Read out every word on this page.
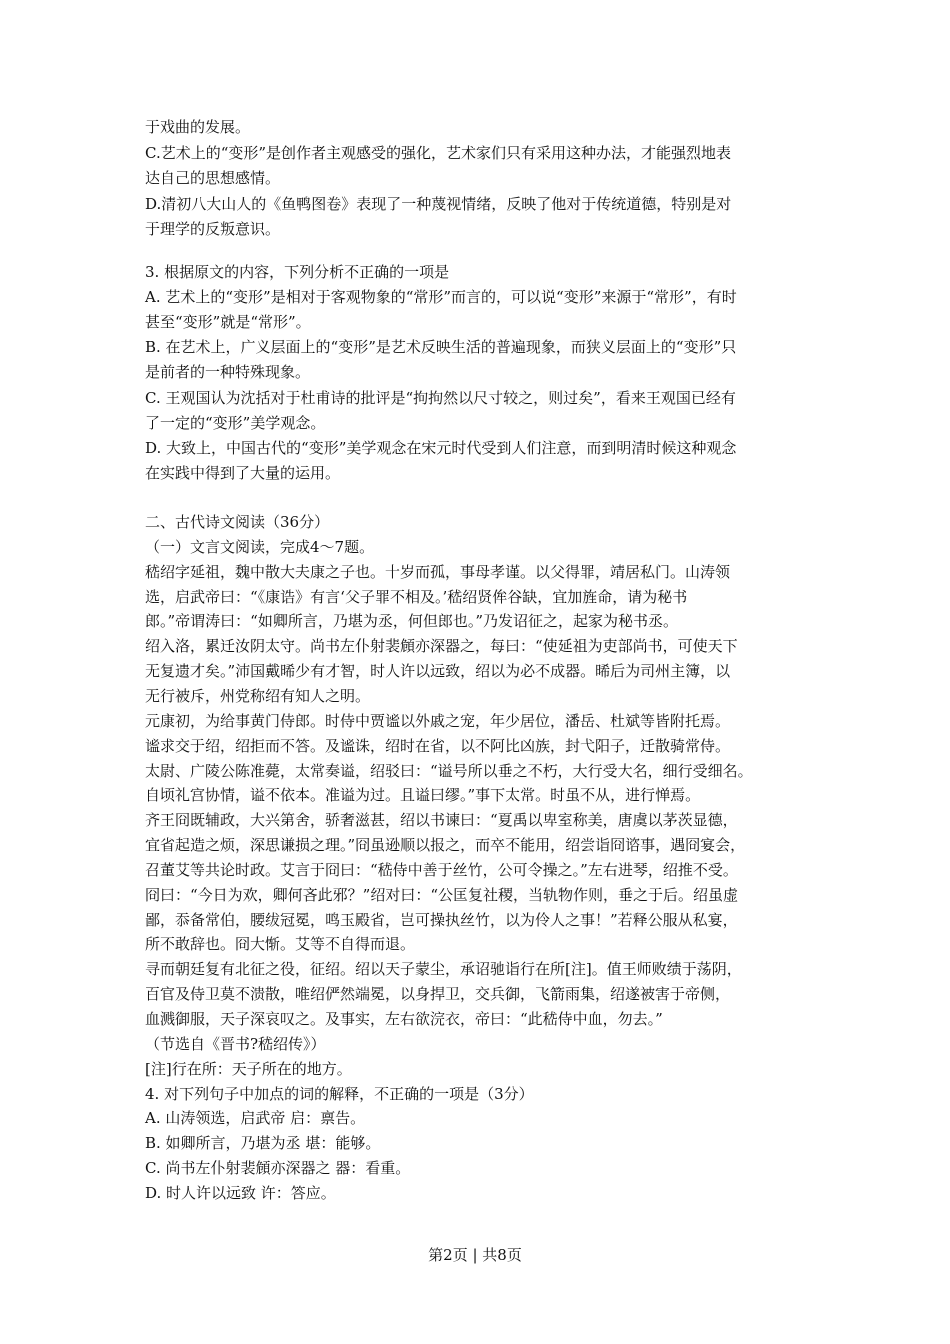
于戏曲的发展。
C.艺术上的“变形”是创作者主观感受的强化，艺术家们只有采用这种办法，才能强烈地表
达自己的思想感情。
D.清初八大山人的《鱼鸭图卷》表现了一种蔑视情绪，反映了他对于传统道德，特别是对
于理学的反叛意识。
3. 根据原文的内容，下列分析不正确的一项是
A. 艺术上的“变形”是相对于客观物象的“常形”而言的，可以说“变形”来源于“常形”，有时
甚至“变形”就是“常形”。
B. 在艺术上，广义层面上的“变形”是艺术反映生活的普遍现象，而狭义层面上的“变形”只
是前者的一种特殊现象。
C. 王观国认为沈括对于杜甫诗的批评是“拘拘然以尺寸较之，则过矣”，看来王观国已经有
了一定的“变形”美学观念。
D. 大致上，中国古代的“变形”美学观念在宋元时代受到人们注意，而到明清时候这种观念
在实践中得到了大量的运用。
二、古代诗文阅读（36分）
（一）文言文阅读，完成4～7题。
嵇绍字延祖，魏中散大夫康之子也。十岁而孤，事母孝谨。以父得罪，靖居私门。山涛领
选，启武帝曰：“《康诰》有言‘父子罪不相及。’嵇绍贤侔谷缺，宜加旌命，请为秘书
郎。”帝谓涛曰：“如卿所言，乃堪为丞，何但郎也。”乃发诏征之，起家为秘书丞。
绍入洛，累迁汝阴太守。尚书左仆射裴頠亦深器之，每曰：“使延祖为吏部尚书，可使天下
无复遗才矣。”沛国戴晞少有才智，时人许以远致，绍以为必不成器。晞后为司州主簿，以
无行被斥，州党称绍有知人之明。
元康初，为给事黄门侍郎。时侍中贾谧以外戚之宠，年少居位，潘岳、杜斌等皆附托焉。
谧求交于绍，绍拒而不答。及谧诛，绍时在省，以不阿比凶族，封弋阳子，迁散骑常侍。
太尉、广陵公陈准薨，太常奏谥，绍驳曰：“谥号所以垂之不朽，大行受大名，细行受细名。
自顷礼宫协情，谥不依本。准谥为过。且谥曰缪。”事下太常。时虽不从，进行惮焉。
齐王冏既辅政，大兴第舍，骄奢滋甚，绍以书谏曰：“夏禹以卑室称美，唐虞以茅茨显德，
宜省起造之烦，深思谦损之理。”冏虽逊顺以报之，而卒不能用，绍尝诣冏谘事，遇冏宴会，
召董艾等共论时政。艾言于冏曰：“嵇侍中善于丝竹，公可令操之。”左右进琴，绍推不受。
冏曰：“今日为欢，卿何吝此邪？”绍对曰：“公匡复社稷，当轨物作则，垂之于后。绍虽虚
鄙，忝备常伯，腰绂冠冕，鸣玉殿省，岂可操执丝竹，以为伶人之事！”若释公服从私宴，
所不敢辞也。冏大惭。艾等不自得而退。
寻而朝廷复有北征之役，征绍。绍以天子蒙尘，承诏驰诣行在所[注]。值王师败绩于荡阴，
百官及侍卫莫不溃散，唯绍俨然端冕，以身捍卫，交兵御，飞箭雨集，绍遂被害于帝侧，
血溅御服，天子深哀叹之。及事实，左右欲浣衣，帝曰：“此嵇侍中血，勿去。”
（节选自《晋书?嵇绍传》）
[注]行在所：天子所在的地方。
4. 对下列句子中加点的词的解释，不正确的一项是（3分）
A. 山涛领选，启武帝 启：禀告。
B. 如卿所言，乃堪为丞 堪：能够。
C. 尚书左仆射裴頠亦深器之 器：看重。
D. 时人许以远致 许：答应。
第2页 | 共8页
